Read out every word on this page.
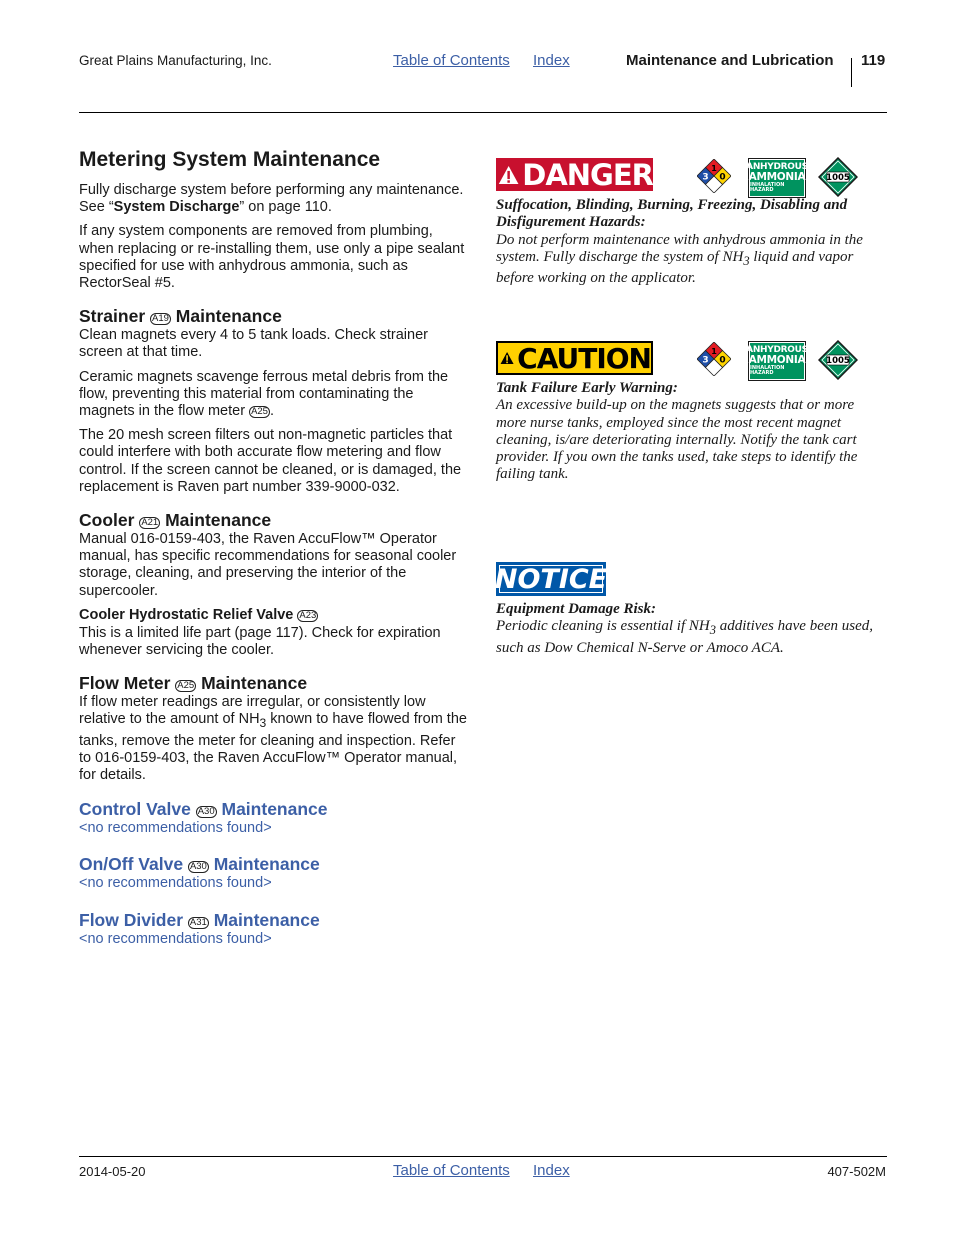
Great Plains Manufacturing, Inc.	Table of Contents Index	Maintenance and Lubrication 119
Metering System Maintenance

Fully discharge system before performing any maintenance. See “System Discharge” on page 110.

If any system components are removed from plumbing, when replacing or re-installing them, use only a pipe sealant specified for use with anhydrous ammonia, such as RectorSeal #5.

Strainer A19 Maintenance

Clean magnets every 4 to 5 tank loads. Check strainer screen at that time.

Ceramic magnets scavenge ferrous metal debris from the flow, preventing this material from contaminating the magnets in the flow meter A25 .

The 20 mesh screen filters out non-magnetic particles that could interfere with both accurate flow metering and flow control. If the screen cannot be cleaned, or is damaged, the replacement is Raven part number 339-9000-032.

Cooler A21 Maintenance

Manual 016-0159-403, the Raven AccuFlow™ Operator manual, has specific recommendations for seasonal cooler storage, cleaning, and preserving the interior of the supercooler.

Cooler Hydrostatic Relief Valve A23

This is a limited life part (page 117). Check for expiration whenever servicing the cooler.

Flow Meter A25 Maintenance

If flow meter readings are irregular, or consistently low relative to the amount of $NH_3$ known to have flowed from the tanks, remove the meter for cleaning and inspection. Refer to 016-0159-403, the Raven AccuFlow™ Operator manual, for details.

Control Valve A30 Maintenance

<no recommendations found>

On/Off Valve A30 Maintenance

<no recommendations found>

Flow Divider A31 Maintenance

<no recommendations found>

DANGER	1
3 0
ANHYDROUS
AMMONIA
INHALATION HAZARD
1005
Suffocation, Blinding, Burning, Freezing, Disabling and Disfigurement Hazards:
Do not perform maintenance with anhydrous ammonia in the system. Fully discharge the system of $NH_3$ liquid and vapor before working on the applicator.
CAUTION	1
3 0
ANHYDROUS
AMMONIA
INHALATION HAZARD
1005
Tank Failure Early Warning:
An excessive build-up on the magnets suggests that or more more nurse tanks, employed since the most recent magnet cleaning, is/are deteriorating internally. Notify the tank cart provider. If you own the tanks used, take steps to identify the failing tank.
NOTICE
Equipment Damage Risk:
Periodic cleaning is essential if $NH_3$ additives have been used, such as Dow Chemical N-Serve or Amoco ACA.
2014-05-20	Table of Contents Index	407-502M
